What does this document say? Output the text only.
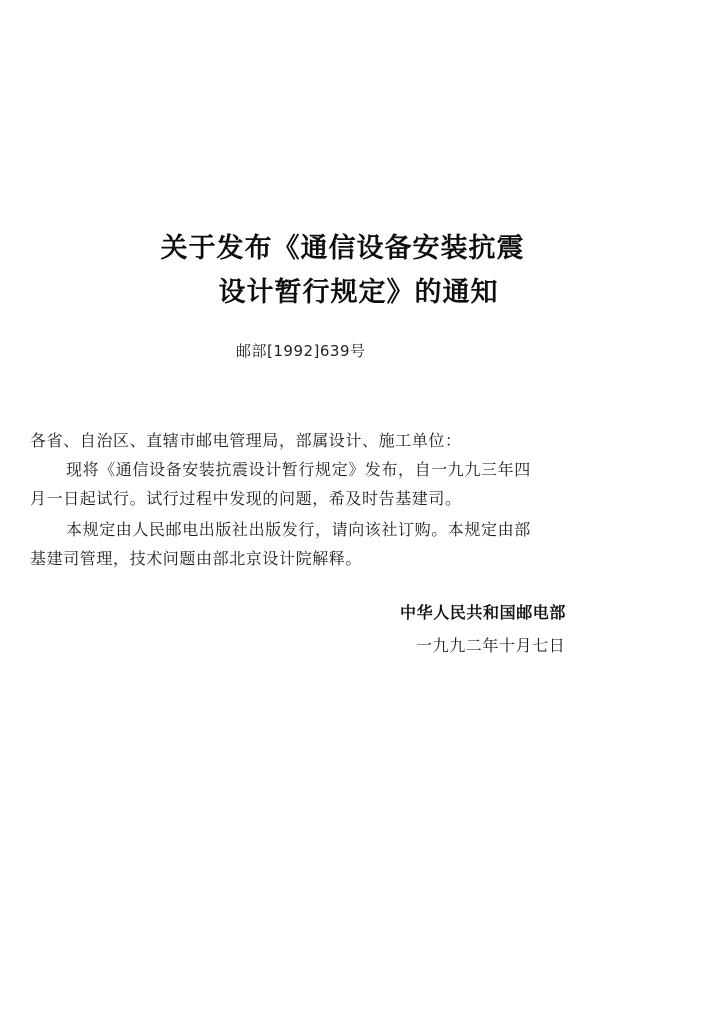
关于发布《通信设备安装抗震
设计暂行规定》的通知
邮部[1992]639号
各省、自治区、直辖市邮电管理局，部属设计、施工单位：
现将《通信设备安装抗震设计暂行规定》发布，自一九九三年四
月一日起试行。试行过程中发现的问题，希及时告基建司。
本规定由人民邮电出版社出版发行，请向该社订购。本规定由部
基建司管理，技术问题由部北京设计院解释。
中华人民共和国邮电部
一九九二年十月七日
